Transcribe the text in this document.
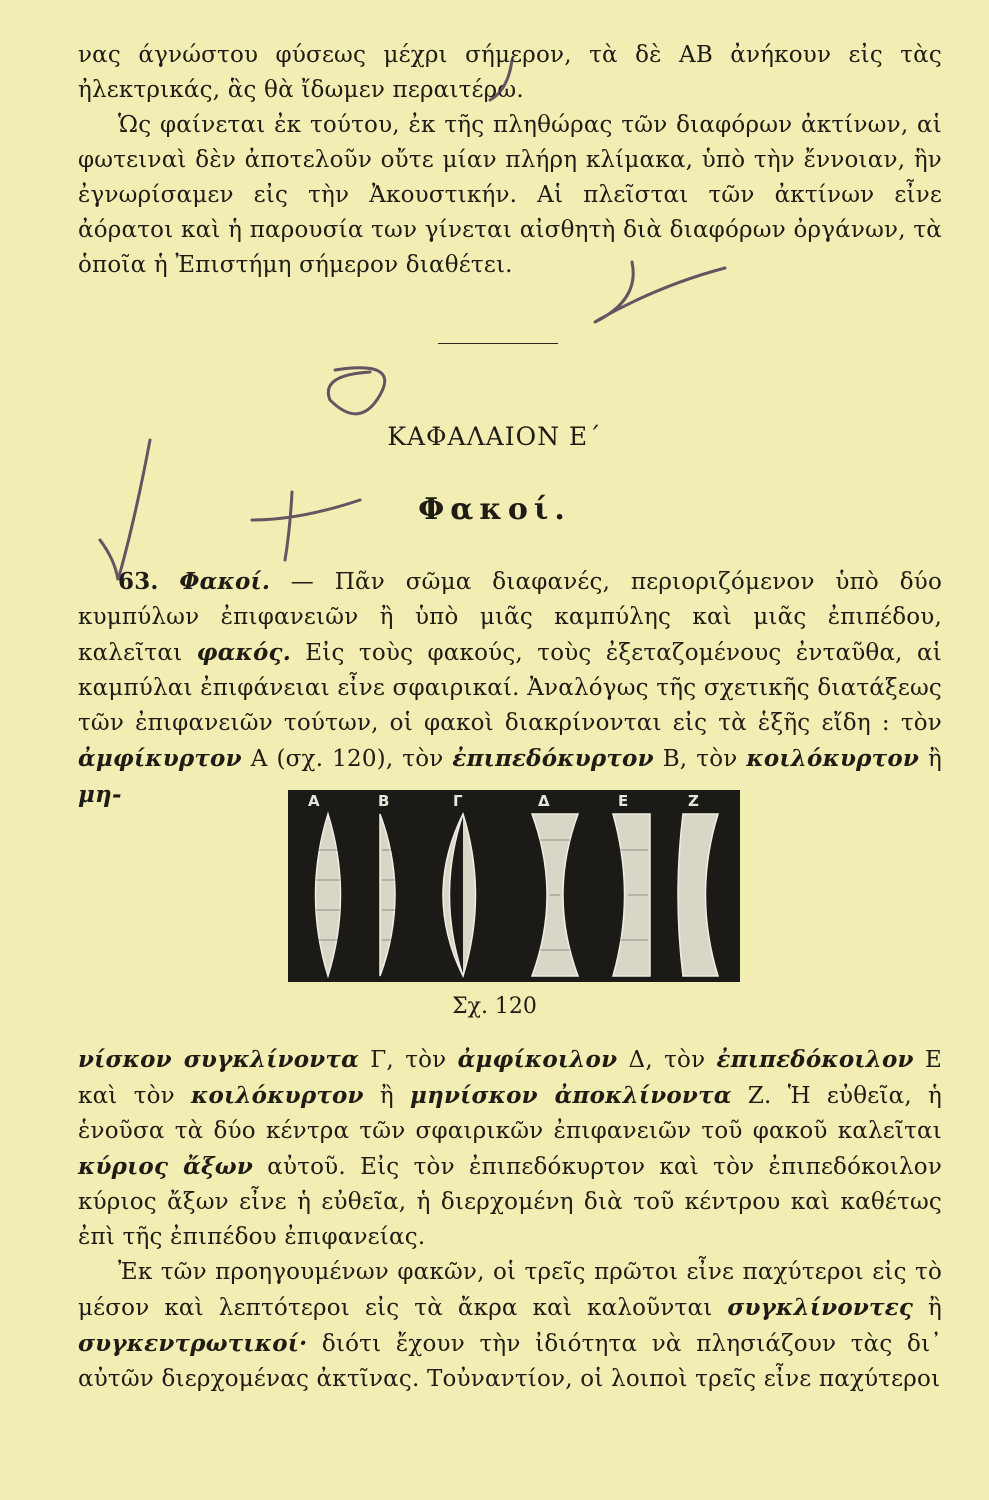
νας άγνώστου φύσεως μέχρι σήμερον, τὰ δὲ ΑΒ ἀνήκουν εἰς τὰς ἠλεκτρικάς, ἃς θὰ ἴδωμεν περαιτέρω.

Ὡς φαίνεται ἐκ τούτου, ἐκ τῆς πληθώρας τῶν διαφόρων ἀκτίνων, αἱ φωτειναὶ δὲν ἀποτελοῦν οὔτε μίαν πλήρη κλίμακα, ὑπὸ τὴν ἔννοιαν, ἣν ἐγνωρίσαμεν εἰς τὴν Ἀκουστικήν. Αἱ πλεῖσται τῶν ἀκτίνων εἶνε ἀόρατοι καὶ ἡ παρουσία των γίνεται αἰσθητὴ διὰ διαφόρων ὀργάνων, τὰ ὁποῖα ἡ Ἐπιστήμη σήμερον διαθέτει.

ΚΑΦΑΛΑΙΟΝ Ε΄
Φακοί.

63. Φακοί. — Πᾶν σῶμα διαφανές, περιοριζόμενον ὑπὸ δύο κυμπύλων ἐπιφανειῶν ἢ ὑπὸ μιᾶς καμπύλης καὶ μιᾶς ἐπιπέδου, καλεῖται φακός. Εἰς τοὺς φακούς, τοὺς ἐξεταζομένους ἐνταῦθα, αἱ καμπύλαι ἐπιφάνειαι εἶνε σφαιρικαί. Ἀναλόγως τῆς σχετικῆς διατάξεως τῶν ἐπιφανειῶν τούτων, οἱ φακοὶ διακρίνονται εἰς τὰ ἑξῆς εἴδη : τὸν ἀμφίκυρτον Α (σχ. 120), τὸν ἐπιπεδόκυρτον Β, τὸν κοιλόκυρτον ἢ μη-	Α	Β	Γ	Δ	Ε	Ζ
Σχ. 120

νίσκον συγκλίνοντα Γ, τὸν ἀμφίκοιλον Δ, τὸν ἐπιπεδόκοιλον Ε καὶ τὸν κοιλόκυρτον ἢ μηνίσκον ἀποκλίνοντα Ζ. Ἡ εὐθεῖα, ἡ ἑνοῦσα τὰ δύο κέντρα τῶν σφαιρικῶν ἐπιφανειῶν τοῦ φακοῦ καλεῖται κύριος ἄξων αὐτοῦ. Εἰς τὸν ἐπιπεδόκυρτον καὶ τὸν ἐπιπεδόκοιλον κύριος ἄξων εἶνε ἡ εὐθεῖα, ἡ διερχομένη διὰ τοῦ κέντρου καὶ καθέτως ἐπὶ τῆς ἐπιπέδου ἐπιφανείας.

Ἐκ τῶν προηγουμένων φακῶν, οἱ τρεῖς πρῶτοι εἶνε παχύτεροι εἰς τὸ μέσον καὶ λεπτότεροι εἰς τὰ ἄκρα καὶ καλοῦνται συγκλίνοντες ἢ συγκεντρωτικοί· διότι ἔχουν τὴν ἰδιότητα νὰ πλησιάζουν τὰς δι᾿ αὐτῶν διερχομένας ἀκτῖνας. Τοὐναντίον, οἱ λοιποὶ τρεῖς εἶνε παχύτεροι
